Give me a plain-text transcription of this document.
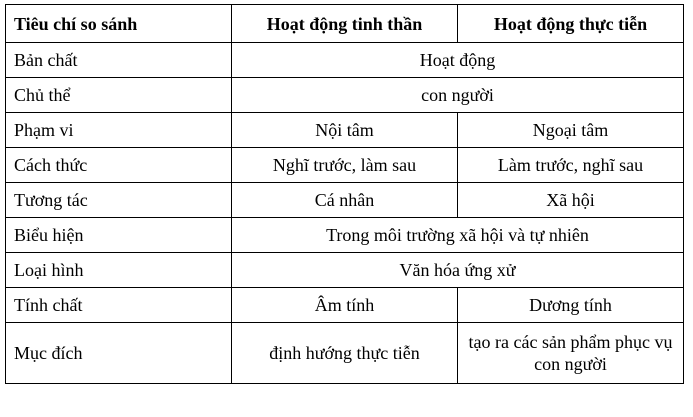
Tiêu chí so sánh	Hoạt động tinh thần	Hoạt động thực tiễn
Bản chất	Hoạt động	
Chủ thể	con người	
Phạm vi	Nội tâm	Ngoại tâm
Cách thức	Nghĩ trước, làm sau	Làm trước, nghĩ sau
Tương tác	Cá nhân	Xã hội
Biểu hiện	Trong môi trường xã hội và tự nhiên	
Loại hình	Văn hóa ứng xử	
Tính chất	Âm tính	Dương tính
Mục đích	định hướng thực tiễn	tạo ra các sản phẩm phục vụ con người
